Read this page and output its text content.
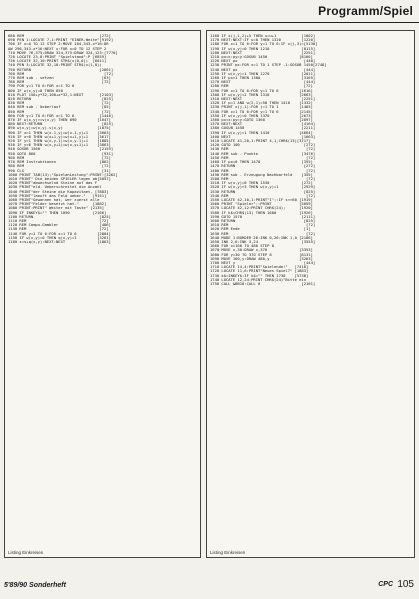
Programm/Spiel
680 REM                                 [272]
690 PEN 1:LOCATE 7,1:PRINT "EINER-Weite"[9192]
700 IF x=0 TO 12 STEP 2:MOVE 104,343-x*16:DR
AW 296,343-x*16:NEXT x:FOR x=0 TO 12 STEP 2
710 MOVE 76,375:DRAW 324,375:DRAW 324,123:[7770]
720 LOCATE 23,8:PRINT "Spielstand":P [6859]
730 LOCATE 32,10:PRINT STR$(x(0,0))  [6011]
740 PEN 3:LOCATE 32,18:PRINT STR$(x(1,0))
750 RETURN                              [2661]
760 REM                                   [72]
770 REM sub - setzen                     [63]
780 REM                                  [72]
790 FOR y=1 TO 6:FOR x=1 TO 6
800 IF w(x,y)=0 THEN 850
810 PLOT 150+y*32,100+x*32,1:NEXT       [2103]
820 RETURN                               [825]
830 REM                                  [72]
840 REM sub - Ueberlauf                  [85]
850 REM                                  [72]
860 FOR y=1 TO 6:FOR x=1 TO 6           [1446]
870 IF w(x,y)>=v(x,y) THEN 890         [1647]
880 NEXT:RETURN                          [825]
890 w(x,y)=w(x,y)-v(x,y)               [1875]
900 IF x>1 THEN w(x-1,y)=w(x-1,y)+1    [3663]
910 IF x<6 THEN w(x+1,y)=w(x+1,y)+1    [3617]
920 IF y>1 THEN w(x,y-1)=w(x,y-1)+1    [1885]
930 IF y<6 THEN w(x,y+1)=w(x,y+1)+1    [3863]
940 GOSUB 1560                          [2159]
950 GOTO 860                             [931]
960 REM                                  [72]
970 REM Instruktionen                   [862]
980 REM                                  [72]
990 CLS                                  [31]
1000 PRINT TAB(13);"SpielanLeitung":PRINT:[3262]
1010 PRINT" Die beiden SPIELER legen ab[5057]
1020 PRINT"abwechselnd Steine auf das F
1030 PRINT"eld. Ueberschreitet die Anzahl
1040 PRINT"der Steine die Kapazitaet, [7883]
1050 PRINT"laeuft das Feld ueber."   [9151]
1060 PRINT"Gewonnen hat, wer zuerst alle
1070 PRINT"Felder besetzt hat."      [1882]
1080 PRINT:PRINT" Weiter mit Taste" [2135]
1090 IF INKEY$="" THEN 1090          [2166]
1100 RETURN                             [825]
1110 REM                                [72]
1120 REM Compu-Gambler                  [486]
1130 REM                                [72]
1140 FOR y=1 TO 6:FOR x=1 TO 6         [2804]
1150 IF w(x,y)=0 THEN q(x,y)=1         [3261]
1160 s=s+q(x,y):NEXT:NEXT              [1863]
Listing Einkreisen
1160 IF x(j,1,2)+5 THEN u=u+1           [1802]
1170 NEXT:NEXT:IF u=0 THEN 1320         [1220]
1180 FOR x=1 TO 6:FOR y=1 TO 6:IF x(j,3)=[5130]
1190 IF w(x,y)=0 THEN 1210              [8115]
1200 NEXT:NEXT                          [2251]
1210 px=x:py=y:GOSUB 1450              [8166]
1220 NEXT px                             [448]
1230 PRINT px:FOR x=1 TO 1 STEP -1:GOSUB 1450[2748]
1240 NEXT px                             [444]
1250 IF w(x,y)=1 THEN 1270              [2011]
1260 IF px=1 THEN 1300                  [3165]
1270 NEXT                                [444]
1280 REM                                 [72]
1290 FOR x=1 TO 6:FOR y=1 TO 6         [1616]
1300 IF w(x,y)=2 THEN 1310             [2663]
1310 NEXT:NEXT                          [2251]
1320 IF p=1 AND w(2,1)=50 THEN 1410    [1332]
1330 PRINT x(j,1):FOR j=1 TO 1         [1483]
1340 FOR x=1 TO 6:FOR y=1 TO 6         [2145]
1350 IF w(x,y)=0 THEN 1370             [2673]
1360 px=x:py=y:GOTO 1360               [2097]
1370 NEXT:NEXT                          [4164]
1380 GOSUB 1450                         [2211]
1390 IF w(x,y)=1 THEN 1410             [4664]
1400 NEXT                               [1663]
1410 LOCATE 41,20,1:PRINT 4,1,CHR$(13)[3717]
1420 GOTO 100                            [272]
1430 REM                                  [72]
1440 REM sub - Punkte                   [3476]
1450 REM                                  [72]
1460 IF px=0 THEN 1470                  [355]
1470 RETURN                              [272]
1480 REM                                  [72]
1490 REM sub - Erzeugung Nachbarfeld    [355]
1500 REM                                  [72]
1510 IF w(x,y)=0 THEN 1530              [272]
1520 IF w(x,y)>3 THEN w(x,y)=1          [2929]
1530 RETURN                              [825]
1540 REM                                  [72]
1550 LOCATE 42,10,1:PRINT"I";:IF s<>60 [1919]
1560 PRINT "Spieler";:PRINT            [5059]
1570 LOCATE 42,12:PRINT CHR$(24);      [1920]
1580 IF k$=CHR$(13) THEN 1600          [1926]
1590 GOTO 1570                          [2111]
1600 RETURN                              [825]
1610 REM                                  [72]
1620 REM Ende                            [1]
1630 REM                                  [72]
1640 MODE 1:BORDER 26:INK 0,26:INK 1,0 [2186]
1650 INK 2,6:INK 3,24                   [3555]
1660 FOR x=160 TO 480 STEP 8
1670 MOVE x,30:DRAW x,370              [3353]
1680 FOR y=30 TO 370 STEP 8            [8131]
1690 MOVE 160,y:DRAW 480,y             [3263]
1700 NEXT y                              [444]
1710 LOCATE 14,4:PRINT"Spielende!"   [7418]
1720 LOCATE 11,6:PRINT"Neues Spiel?" [1883]
1730 k$=INKEY$:IF k$="" THEN 1730    [5738]
1740 LOCATE 12,24:PRINT CHR$(24)"Bitte ein
1750 CALL &BB18:CALL 0                  [2161]
Listing Einkreisen
5'89/90 Sonderheft	CPC 105
